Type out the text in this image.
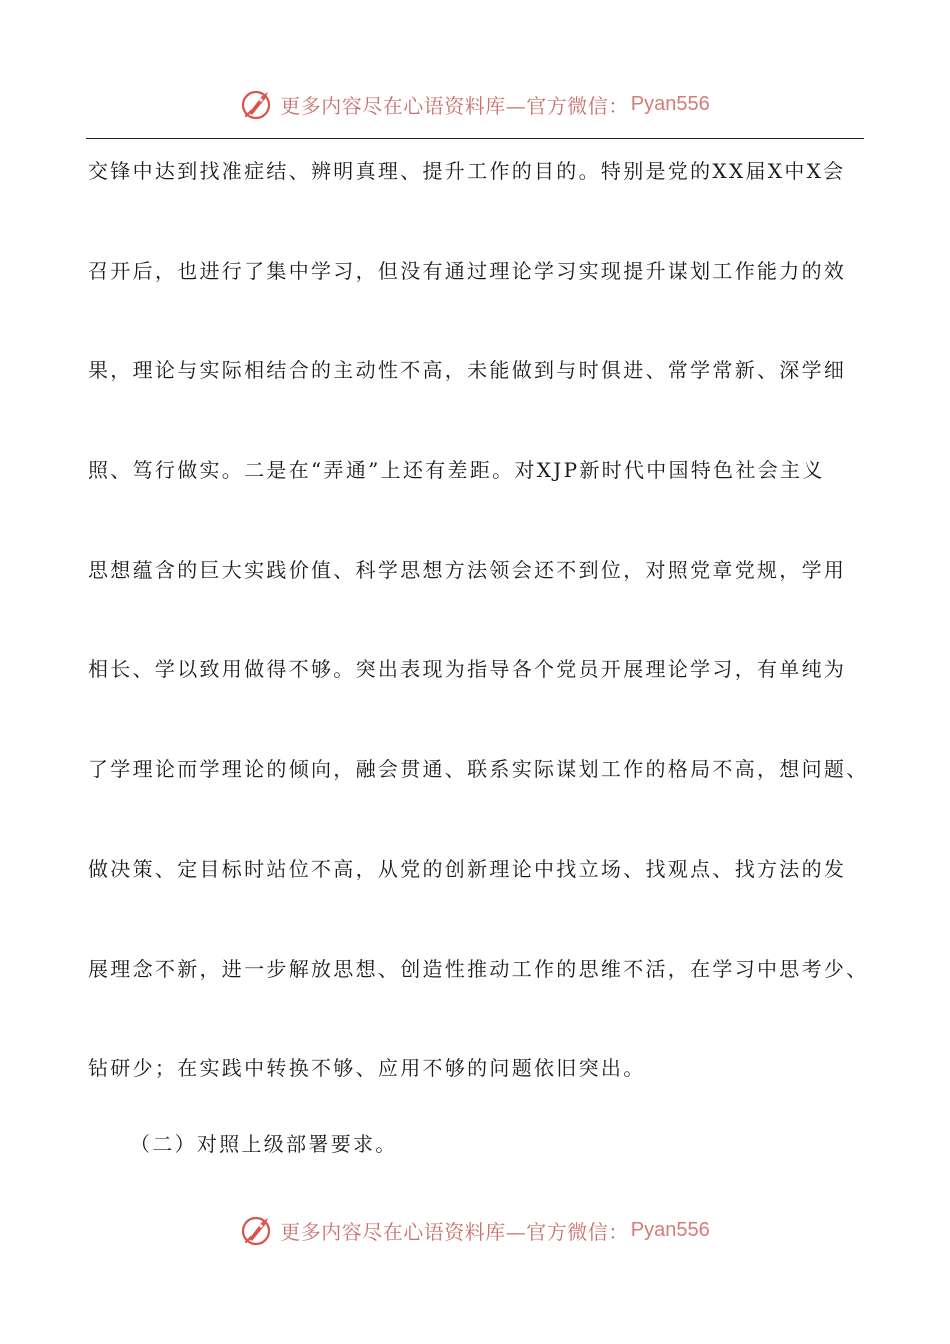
更多内容尽在心语资料库—官方微信： Pyan556
交锋中达到找准症结、辨明真理、提升工作的目的。特别是党的XX届X中X会
召开后，也进行了集中学习，但没有通过理论学习实现提升谋划工作能力的效
果，理论与实际相结合的主动性不高，未能做到与时俱进、常学常新、深学细
照、笃行做实。二是在“弄通”上还有差距。对XJP新时代中国特色社会主义
思想蕴含的巨大实践价值、科学思想方法领会还不到位，对照党章党规，学用
相长、学以致用做得不够。突出表现为指导各个党员开展理论学习，有单纯为
了学理论而学理论的倾向，融会贯通、联系实际谋划工作的格局不高，想问题、
做决策、定目标时站位不高，从党的创新理论中找立场、找观点、找方法的发
展理念不新，进一步解放思想、创造性推动工作的思维不活，在学习中思考少、
钻研少；在实践中转换不够、应用不够的问题依旧突出。
（二）对照上级部署要求。
更多内容尽在心语资料库—官方微信： Pyan556
